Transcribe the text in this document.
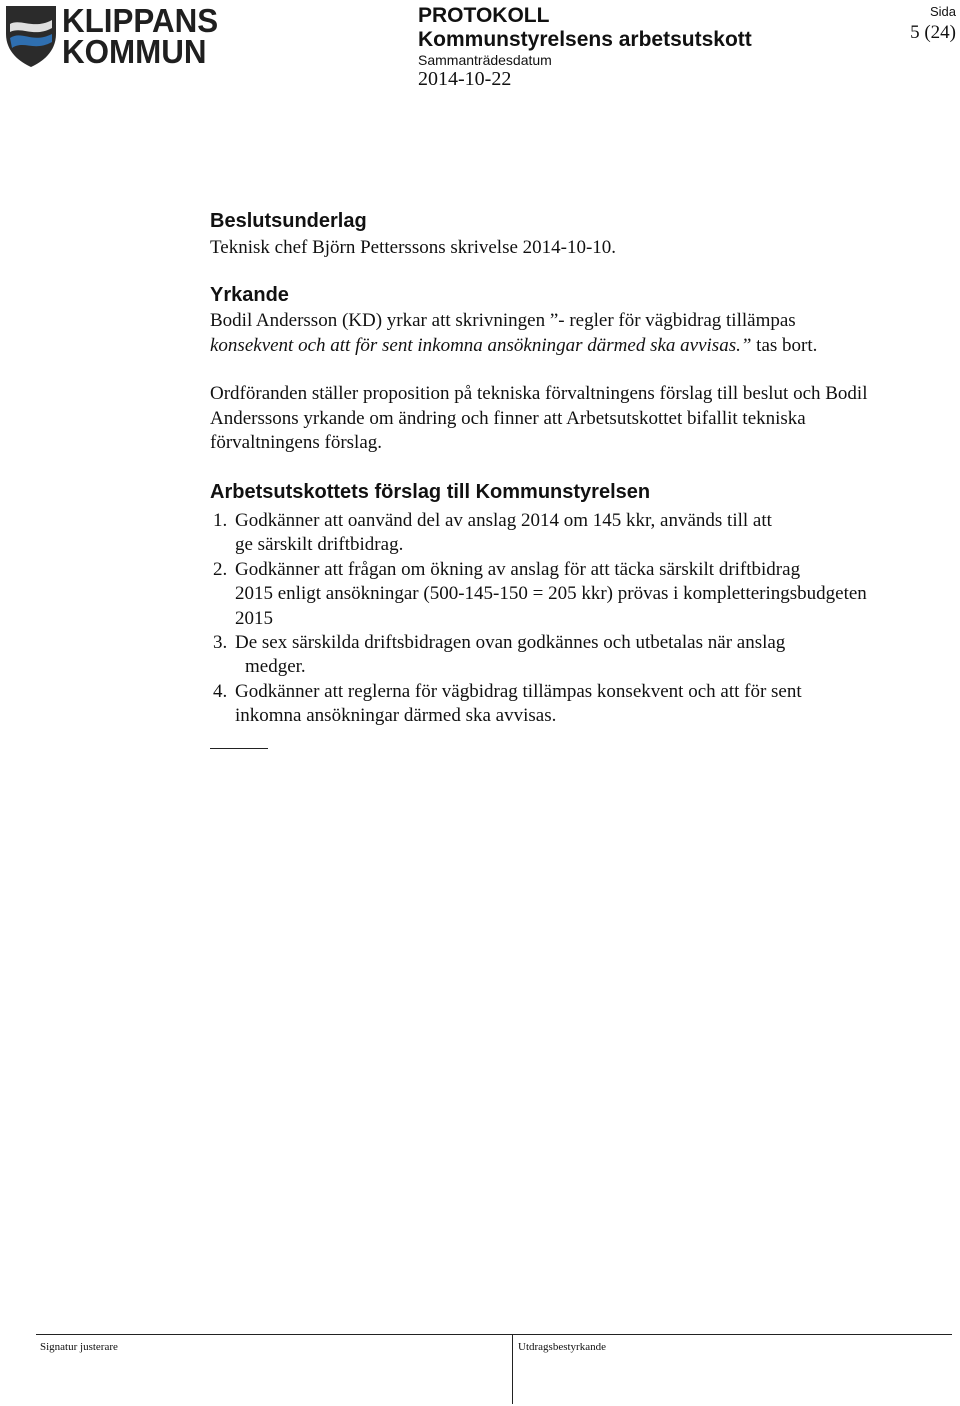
KLIPPANS
KOMMUN
PROTOKOLL
Kommunstyrelsens arbetsutskott
Sammanträdesdatum
2014-10-22
Sida
5 (24)
Beslutsunderlag
Teknisk chef Björn Petterssons skrivelse 2014-10-10.
Yrkande
Bodil Andersson (KD) yrkar att skrivningen ”- regler för vägbidrag tillämpas
konsekvent och att för sent inkomna ansökningar därmed ska avvisas.” tas bort.
Ordföranden ställer proposition på tekniska förvaltningens förslag till beslut och Bodil
Anderssons yrkande om ändring och finner att Arbetsutskottet bifallit tekniska
förvaltningens förslag.
Arbetsutskottets förslag till Kommunstyrelsen
1. Godkänner att oanvänd del av anslag 2014 om 145 kkr, används till att
ge särskilt driftbidrag.
2. Godkänner att frågan om ökning av anslag för att täcka särskilt driftbidrag
2015 enligt ansökningar (500-145-150 = 205 kkr) prövas i kompletteringsbudgeten
2015
3. De sex särskilda driftsbidragen ovan godkännes och utbetalas när anslag
medger.
4. Godkänner att reglerna för vägbidrag tillämpas konsekvent och att för sent
inkomna ansökningar därmed ska avvisas.
Signatur justerare	Utdragsbestyrkande
